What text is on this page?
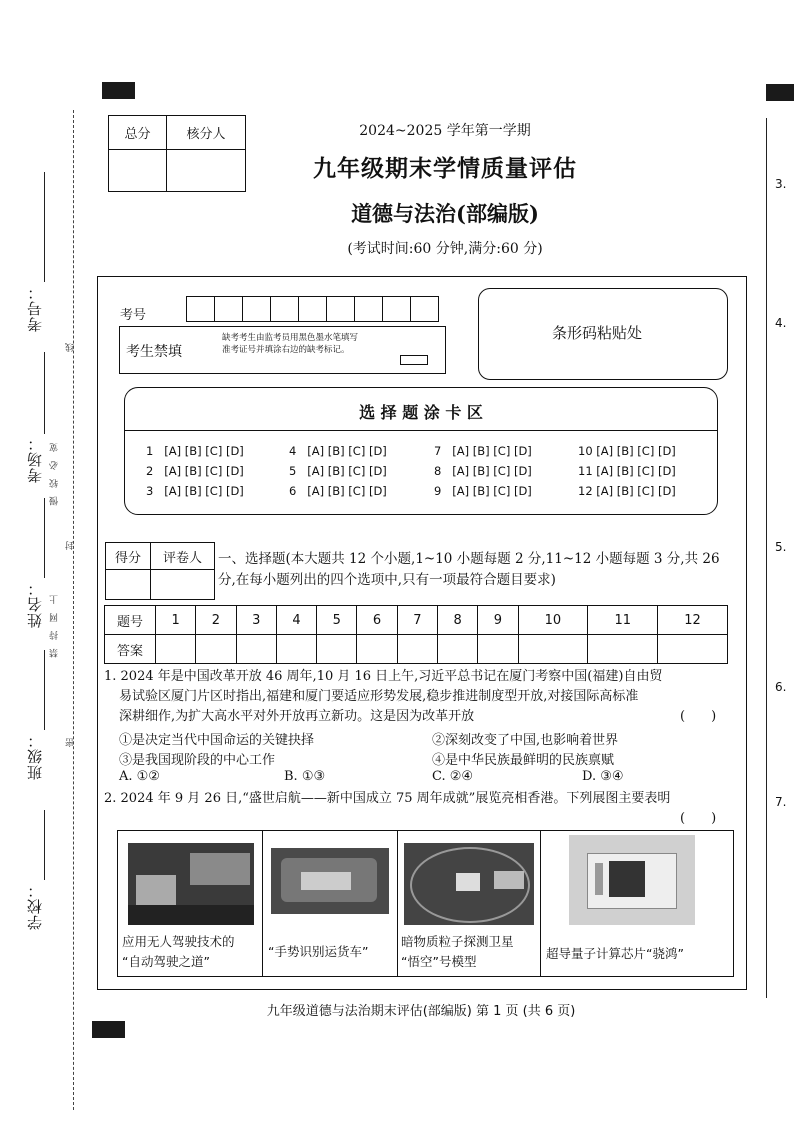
考号：
考场：
姓名：
班级：
学校：
线
慢 较 必 宽
封
禁 持 网 上
密
3.
4.
5.
6.
7.
总分	核分人
		2024~2025 学年第一学期
九年级期末学情质量评估
道德与法治(部编版)
(考试时间:60 分钟,满分:60 分)
考号
考生禁填
缺考考生由监考员用黑色墨水笔填写准考证号并填涂右边的缺考标记。
条形码粘贴处
选 择 题 涂 卡 区
1 [A] [B] [C] [D]
2 [A] [B] [C] [D]
3 [A] [B] [C] [D]
4 [A] [B] [C] [D]
5 [A] [B] [C] [D]
6 [A] [B] [C] [D]
7 [A] [B] [C] [D]
8 [A] [B] [C] [D]
9 [A] [B] [C] [D]
10 [A] [B] [C] [D]
11 [A] [B] [C] [D]
12 [A] [B] [C] [D]
得分	评卷人
	一、选择题(本大题共 12 个小题,1~10 小题每题 2 分,11~12 小题每题 3 分,共 26 分,在每小题列出的四个选项中,只有一项最符合题目要求)
题号	1	2	3	4	5	6	7	8	9	10	11	12
答案												
1. 2024 年是中国改革开放 46 周年,10 月 16 日上午,习近平总书记在厦门考察中国(福建)自由贸
易试验区厦门片区时指出,福建和厦门要适应形势发展,稳步推进制度型开放,对接国际高标准
深耕细作,为扩大高水平对外开放再立新功。这是因为改革开放	(　　)
①是决定当代中国命运的关键抉择	②深刻改变了中国,也影响着世界
③是我国现阶段的中心工作	④是中华民族最鲜明的民族禀赋
A. ①②	B. ①③	C. ②④	D. ③④
2. 2024 年 9 月 26 日,“盛世启航——新中国成立 75 周年成就”展览亮相香港。下列展图主要表明
(　　)
应用无人驾驶技术的
“自动驾驶之道”
“手势识别运货车”
暗物质粒子探测卫星
“悟空”号模型
超导量子计算芯片“骁鸿”
九年级道德与法治期末评估(部编版) 第 1 页 (共 6 页)
